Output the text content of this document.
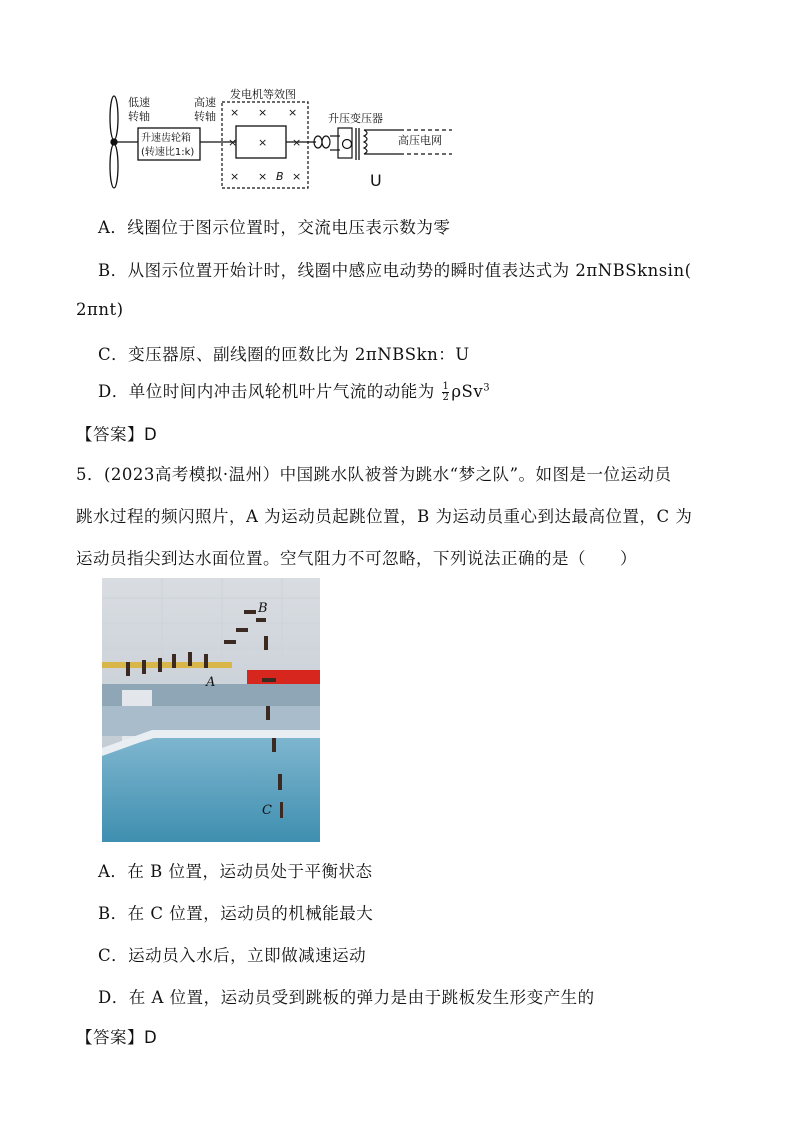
低速
转轴
升速齿轮箱
(转速比1:k)
高速
转轴
发电机等效图
× × ×
× × ×
× × ×
B
升压变压器
高压电网
U
A．线圈位于图示位置时，交流电压表示数为零
B．从图示位置开始计时，线圈中感应电动势的瞬时值表达式为 2πNBSknsin(
2πnt)
C．变压器原、副线圈的匝数比为 2πNBSkn：U
D．单位时间内冲击风轮机叶片气流的动能为 $\frac{1}{2} \rho Sv^3$
【答案】D
5．(2023高考模拟·温州）中国跳水队被誉为跳水“梦之队”。如图是一位运动员
跳水过程的频闪照片，A 为运动员起跳位置，B 为运动员重心到达最高位置，C 为
运动员指尖到达水面位置。空气阻力不可忽略，下列说法正确的是（　　）
B
A
C
A．在 B 位置，运动员处于平衡状态
B．在 C 位置，运动员的机械能最大
C．运动员入水后，立即做减速运动
D．在 A 位置，运动员受到跳板的弹力是由于跳板发生形变产生的
【答案】D
